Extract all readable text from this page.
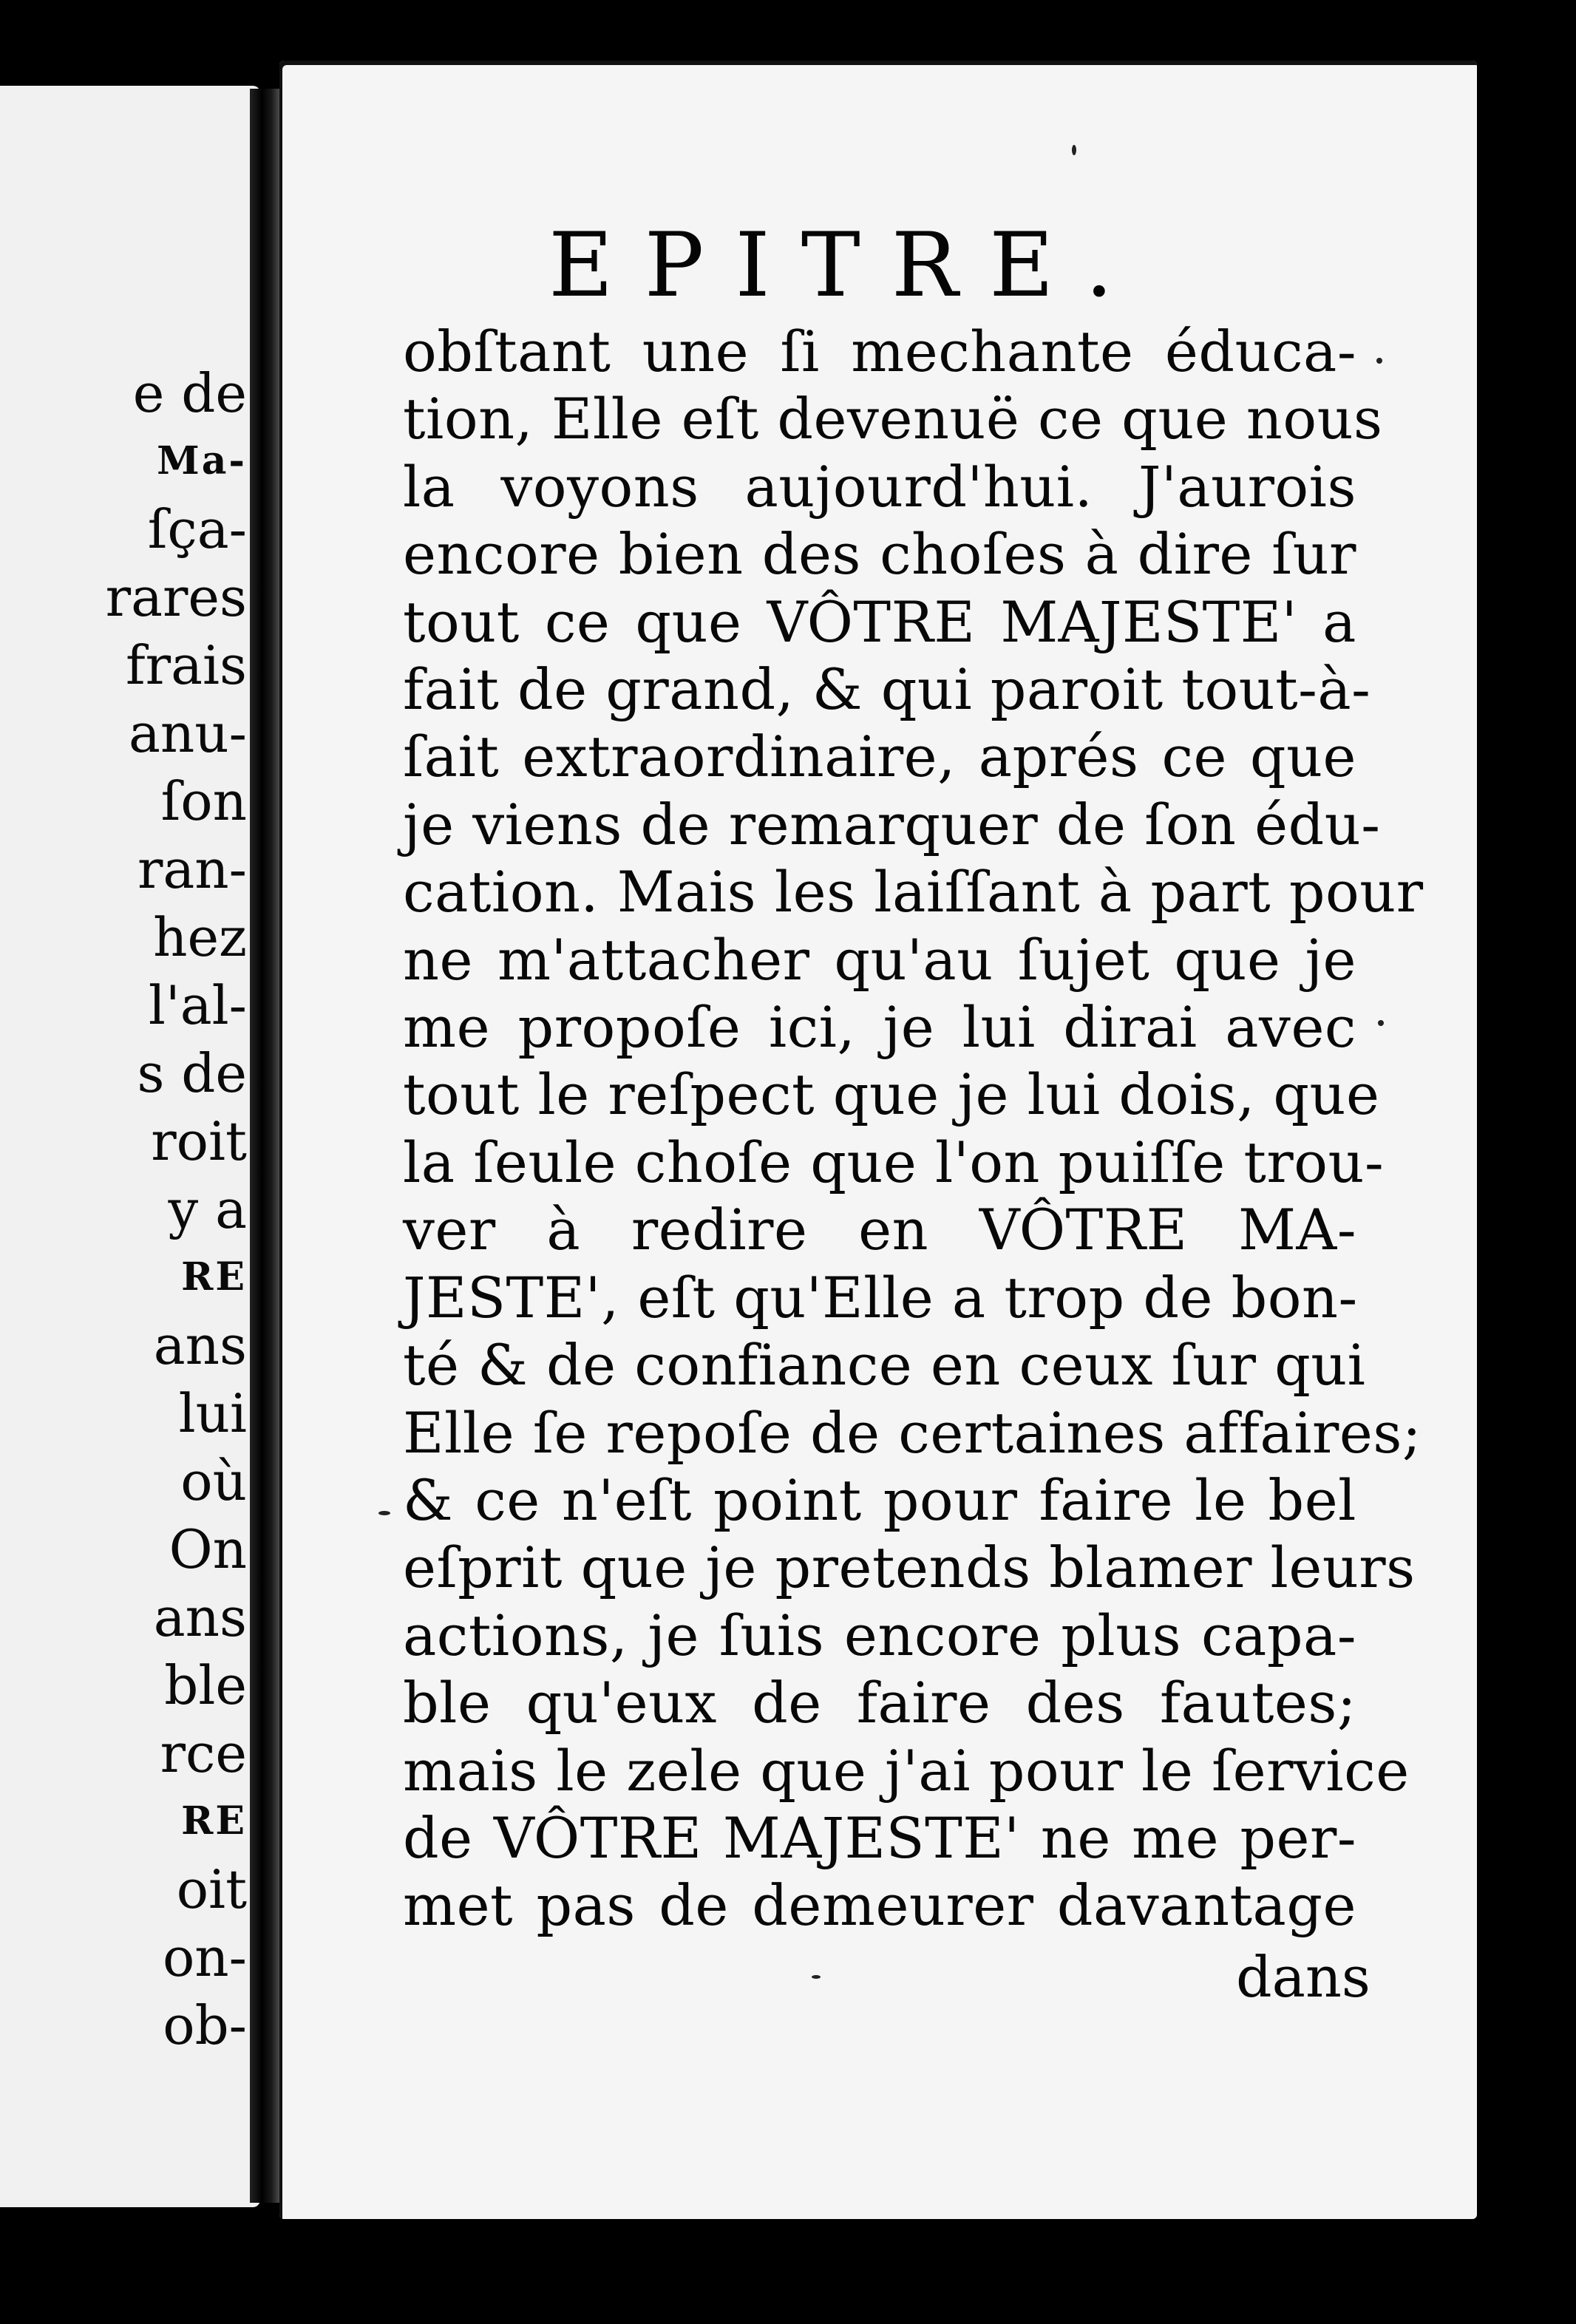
e de
Ma-
ſça-
rares
frais
anu-
ſon
ran-
hez
l'al-
s de
roit
y a
RE
ans
lui
où
On
ans
ble
rce
RE
oit
on-
ob-
EPITRE.
obſtant une ſi mechante éduca-
tion, Elle eſt devenuë ce que nous
la voyons aujourd'hui. J'aurois
encore bien des choſes à dire ſur
tout ce que VÔTRE MAJESTE' a
fait de grand, & qui paroit tout-à-
ſait extraordinaire, aprés ce que
je viens de remarquer de ſon édu-
cation. Mais les laiſſant à part pour
ne m'attacher qu'au ſujet que je
me propoſe ici, je lui dirai avec
tout le reſpect que je lui dois, que
la ſeule choſe que l'on puiſſe trou-
ver à redire en VÔTRE MA-
JESTE', eſt qu'Elle a trop de bon-
té & de confiance en ceux ſur qui
Elle ſe repoſe de certaines affaires;
& ce n'eſt point pour faire le bel
eſprit que je pretends blamer leurs
actions, je ſuis encore plus capa-
ble qu'eux de faire des fautes;
mais le zele que j'ai pour le ſervice
de VÔTRE MAJESTE' ne me per-
met pas de demeurer davantage
dans
